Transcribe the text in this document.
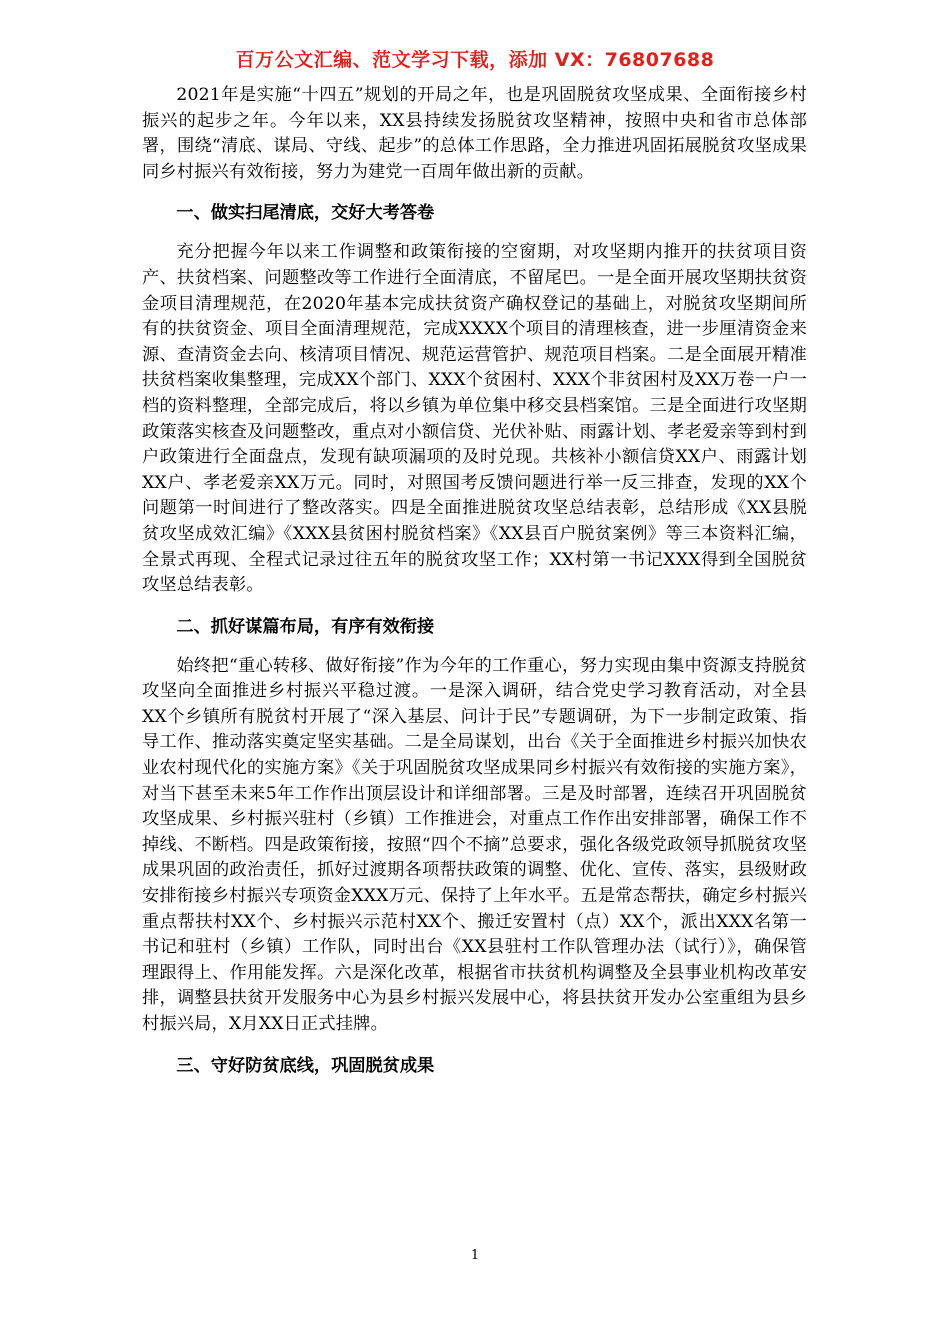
百万公文汇编、范文学习下载，添加 VX：76807688

2021年是实施“十四五”规划的开局之年，也是巩固脱贫攻坚成果、全面衔接乡村振兴的起步之年。今年以来，XX县持续发扬脱贫攻坚精神，按照中央和省市总体部署，围绕“清底、谋局、守线、起步”的总体工作思路，全力推进巩固拓展脱贫攻坚成果同乡村振兴有效衔接，努力为建党一百周年做出新的贡献。

一、做实扫尾清底，交好大考答卷

充分把握今年以来工作调整和政策衔接的空窗期，对攻坚期内推开的扶贫项目资产、扶贫档案、问题整改等工作进行全面清底，不留尾巴。一是全面开展攻坚期扶贫资金项目清理规范，在2020年基本完成扶贫资产确权登记的基础上，对脱贫攻坚期间所有的扶贫资金、项目全面清理规范，完成XXXX个项目的清理核查，进一步厘清资金来源、查清资金去向、核清项目情况、规范运营管护、规范项目档案。二是全面展开精准扶贫档案收集整理，完成XX个部门、XXX个贫困村、XXX个非贫困村及XX万卷一户一档的资料整理，全部完成后，将以乡镇为单位集中移交县档案馆。三是全面进行攻坚期政策落实核查及问题整改，重点对小额信贷、光伏补贴、雨露计划、孝老爱亲等到村到户政策进行全面盘点，发现有缺项漏项的及时兑现。共核补小额信贷XX户、雨露计划XX户、孝老爱亲XX万元。同时，对照国考反馈问题进行举一反三排查，发现的XX个问题第一时间进行了整改落实。四是全面推进脱贫攻坚总结表彰，总结形成《XX县脱贫攻坚成效汇编》《XXX县贫困村脱贫档案》《XX县百户脱贫案例》等三本资料汇编，全景式再现、全程式记录过往五年的脱贫攻坚工作；XX村第一书记XXX得到全国脱贫攻坚总结表彰。

二、抓好谋篇布局，有序有效衔接

始终把“重心转移、做好衔接”作为今年的工作重心，努力实现由集中资源支持脱贫攻坚向全面推进乡村振兴平稳过渡。一是深入调研，结合党史学习教育活动，对全县XX个乡镇所有脱贫村开展了“深入基层、问计于民”专题调研，为下一步制定政策、指导工作、推动落实奠定坚实基础。二是全局谋划，出台《关于全面推进乡村振兴加快农业农村现代化的实施方案》《关于巩固脱贫攻坚成果同乡村振兴有效衔接的实施方案》，对当下甚至未来5年工作作出顶层设计和详细部署。三是及时部署，连续召开巩固脱贫攻坚成果、乡村振兴驻村（乡镇）工作推进会，对重点工作作出安排部署，确保工作不掉线、不断档。四是政策衔接，按照“四个不摘”总要求，强化各级党政领导抓脱贫攻坚成果巩固的政治责任，抓好过渡期各项帮扶政策的调整、优化、宣传、落实，县级财政安排衔接乡村振兴专项资金XXX万元、保持了上年水平。五是常态帮扶，确定乡村振兴重点帮扶村XX个、乡村振兴示范村XX个、搬迁安置村（点）XX个，派出XXX名第一书记和驻村（乡镇）工作队，同时出台《XX县驻村工作队管理办法（试行）》，确保管理跟得上、作用能发挥。六是深化改革，根据省市扶贫机构调整及全县事业机构改革安排，调整县扶贫开发服务中心为县乡村振兴发展中心，将县扶贫开发办公室重组为县乡村振兴局，X月XX日正式挂牌。

三、守好防贫底线，巩固脱贫成果
1
